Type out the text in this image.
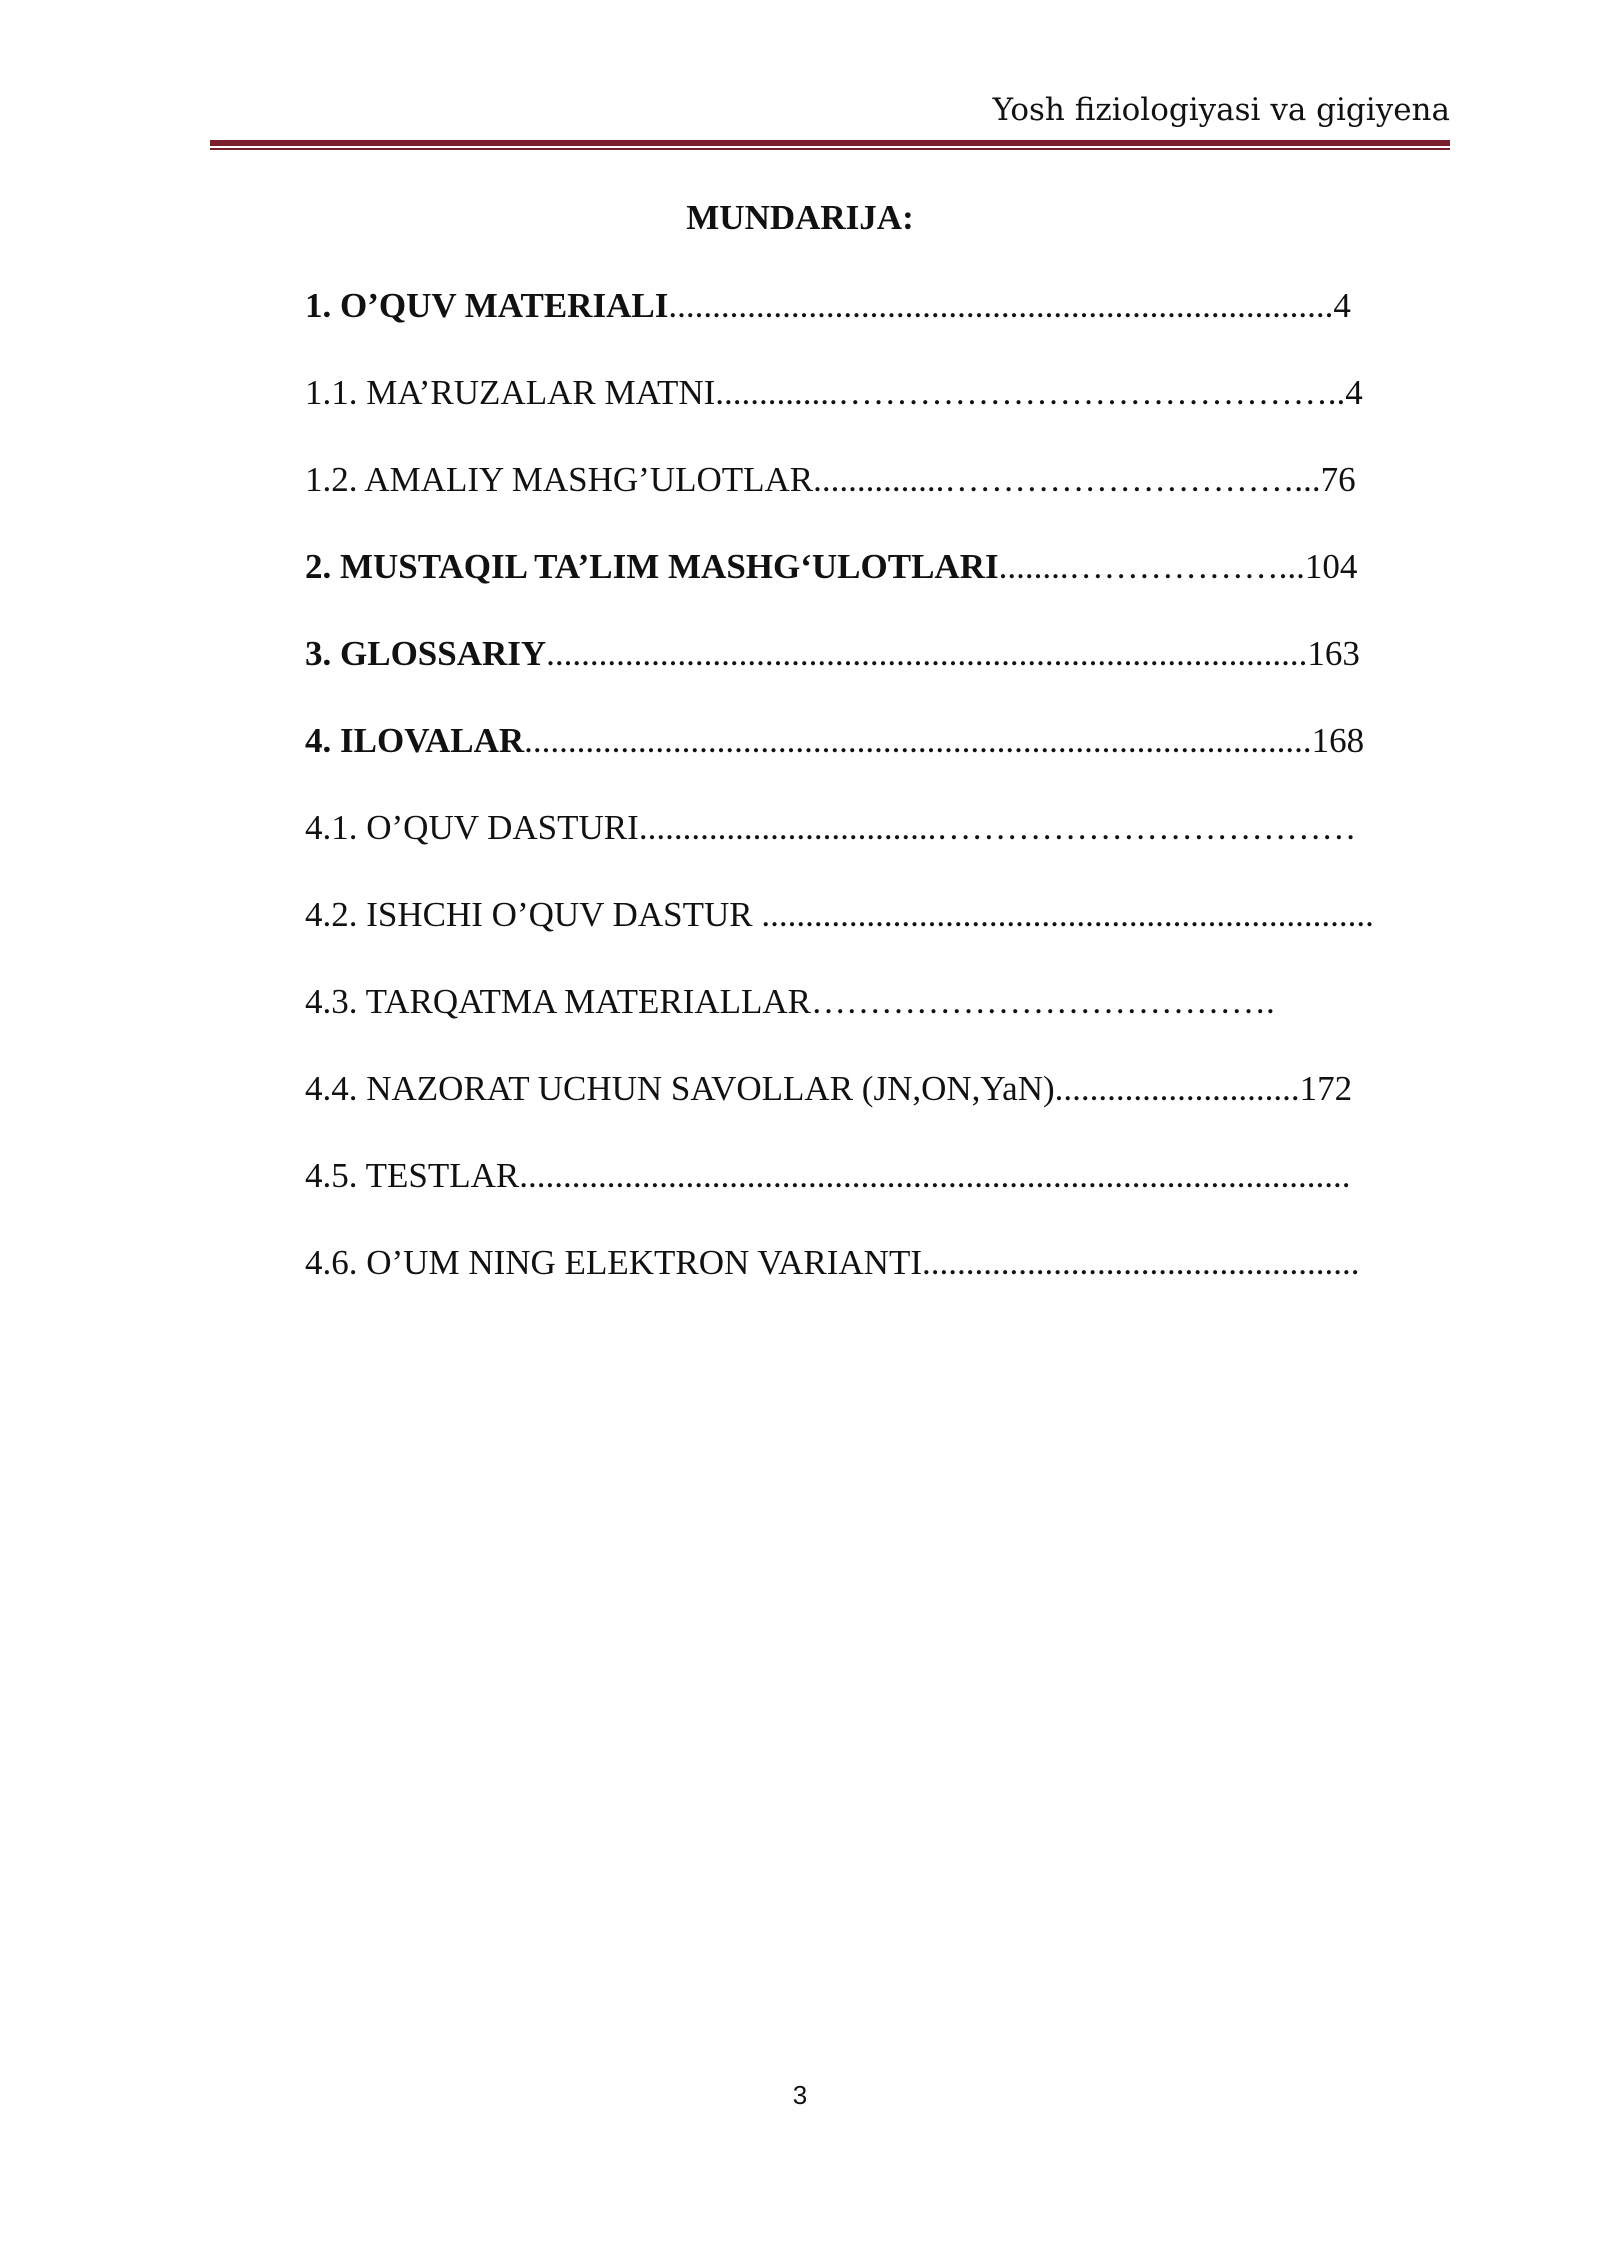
Yosh fiziologiyasi va gigiyena
MUNDARIJA:
1. O’QUV MATERIALI............................................................................4
1.1. MA’RUZALAR MATNI..............……………………………………..4
1.2. AMALIY MASHG’ULOTLAR...............…………………………...76
2. MUSTAQIL TA’LIM MASHG‘ULOTLARI........………………...104
3. GLOSSARIY.......................................................................................163
4. ILOVALAR..........................................................................................168
4.1. O’QUV DASTURI..................................………………………………
4.2. ISHCHI O’QUV DASTUR ......................................................................
4.3. TARQATMA MATERIALLAR………………………………….
4.4. NAZORAT UCHUN SAVOLLAR (JN,ON,YaN)............................172
4.5. TESTLAR...............................................................................................
4.6. O’UM NING ELEKTRON VARIANTI..................................................
3
